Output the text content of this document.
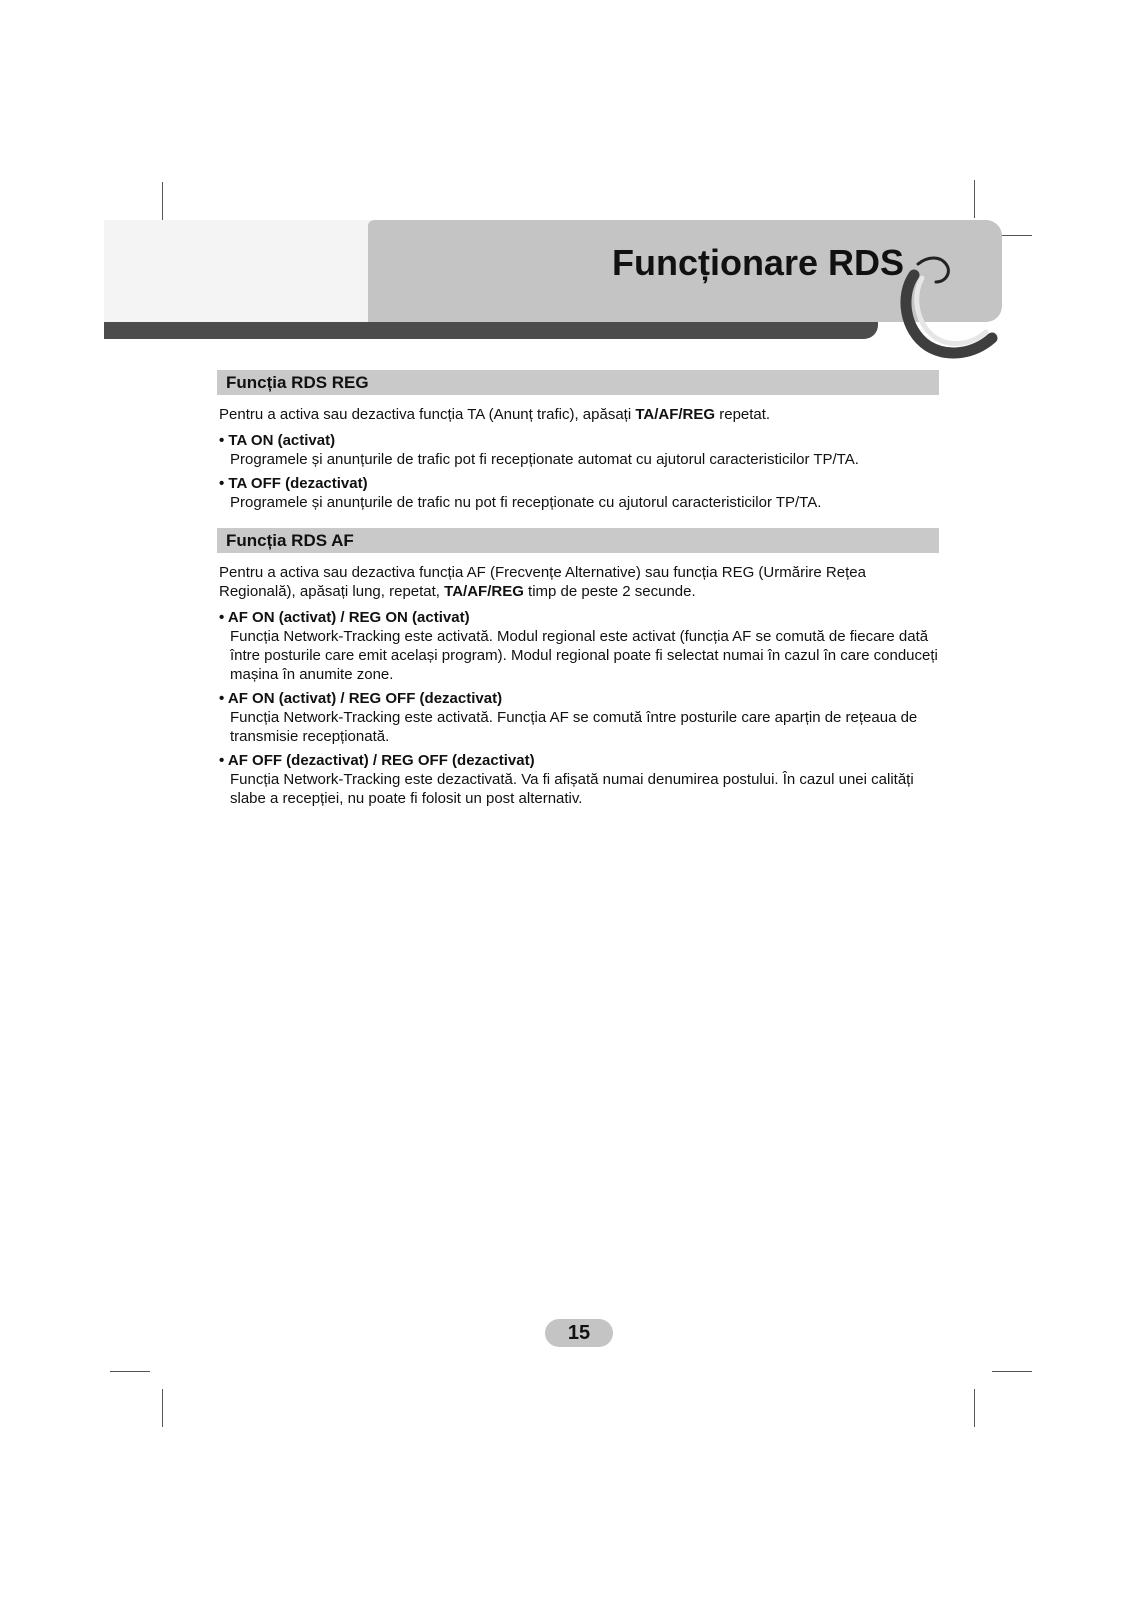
Funcționare RDS
Funcția RDS REG

Pentru a activa sau dezactiva funcția TA (Anunț trafic), apăsați TA/AF/REG repetat.

• TA ON (activat)
Programele și anunțurile de trafic pot fi recepționate automat cu ajutorul caracteristicilor TP/TA.
• TA OFF (dezactivat)
Programele și anunțurile de trafic nu pot fi recepționate cu ajutorul caracteristicilor TP/TA.
Funcția RDS AF

Pentru a activa sau dezactiva funcția AF (Frecvențe Alternative) sau funcția REG (Urmărire Rețea Regională), apăsați lung, repetat, TA/AF/REG timp de peste 2 secunde.

• AF ON (activat) / REG ON (activat)
Funcția Network-Tracking este activată. Modul regional este activat (funcția AF se comută de fiecare dată între posturile care emit același program). Modul regional poate fi selectat numai în cazul în care conduceți mașina în anumite zone.
• AF ON (activat) / REG OFF (dezactivat)
Funcția Network-Tracking este activată. Funcția AF se comută între posturile care aparțin de rețeaua de transmisie recepționată.
• AF OFF (dezactivat) / REG OFF (dezactivat)
Funcția Network-Tracking este dezactivată. Va fi afișată numai denumirea postului. În cazul unei calități slabe a recepției, nu poate fi folosit un post alternativ.
15
